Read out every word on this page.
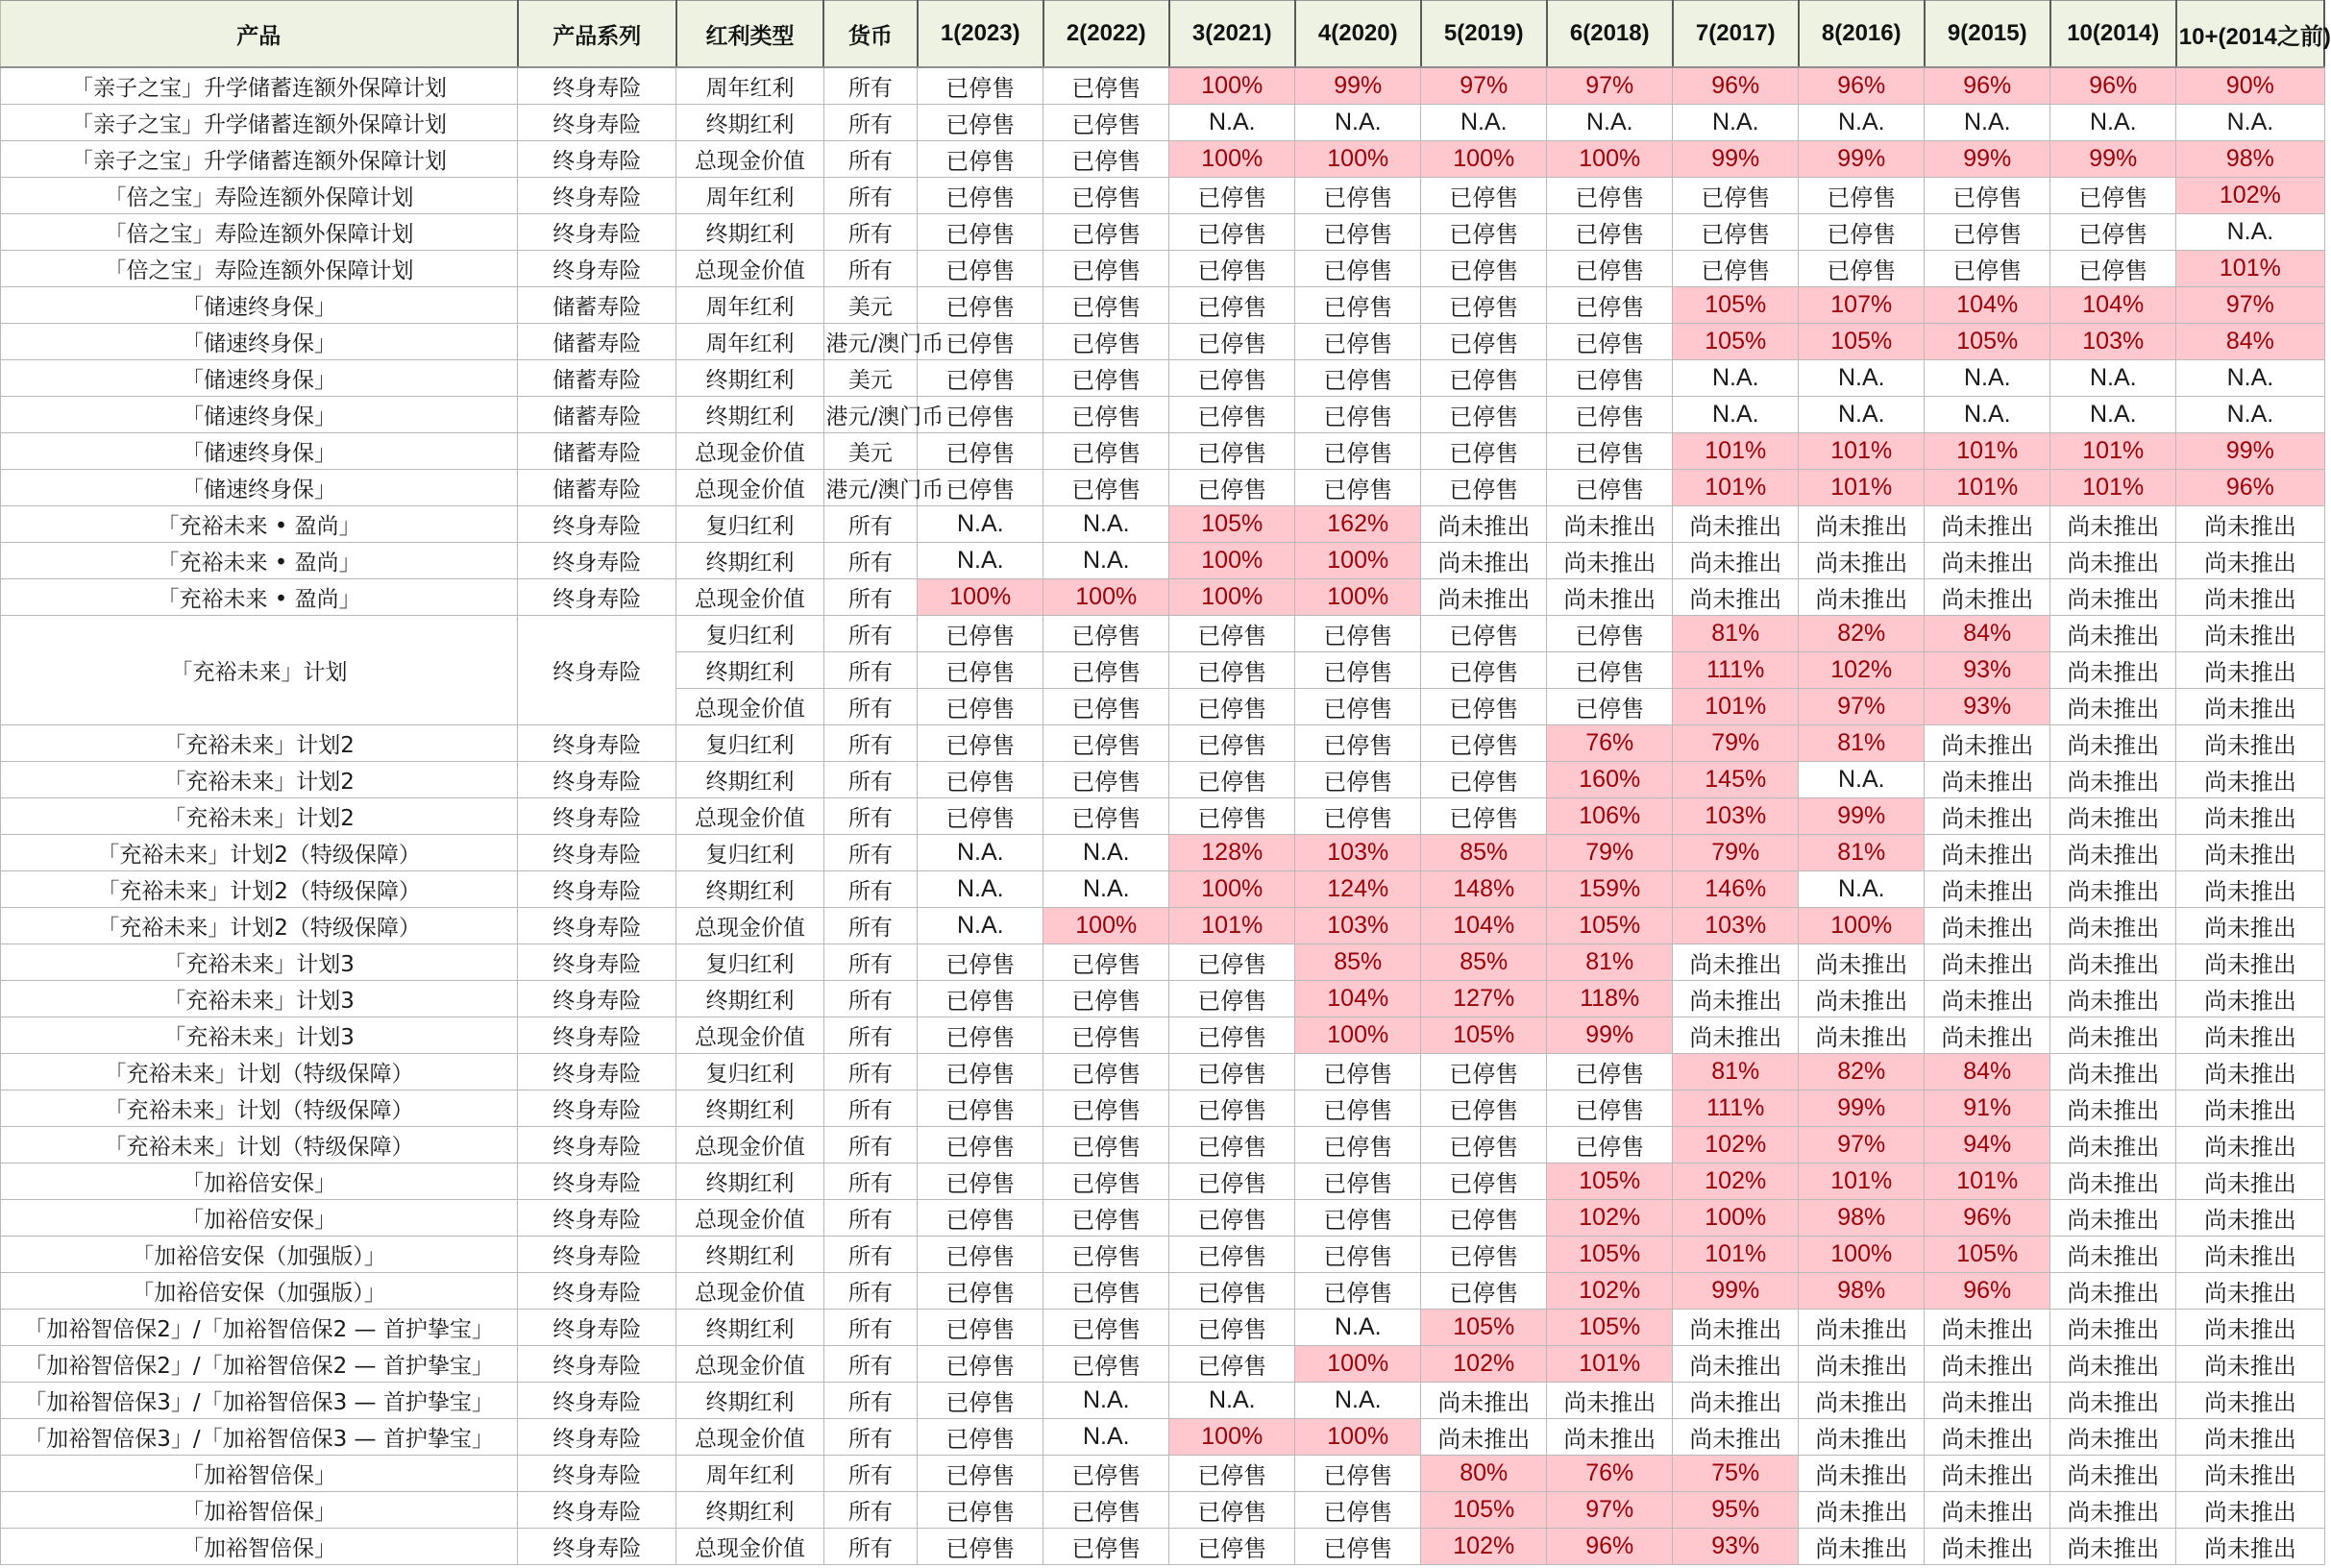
产品	产品系列	红利类型	货币	1(2023)	2(2022)	3(2021)	4(2020)	5(2019)	6(2018)	7(2017)	8(2016)	9(2015)	10(2014)	10+(2014之前)
「亲子之宝」升学储蓄连额外保障计划	终身寿险	周年红利	所有	已停售	已停售	100%	99%	97%	97%	96%	96%	96%	96%	90%
「亲子之宝」升学储蓄连额外保障计划	终身寿险	终期红利	所有	已停售	已停售	N.A.	N.A.	N.A.	N.A.	N.A.	N.A.	N.A.	N.A.	N.A.
「亲子之宝」升学储蓄连额外保障计划	终身寿险	总现金价值	所有	已停售	已停售	100%	100%	100%	100%	99%	99%	99%	99%	98%
「倍之宝」寿险连额外保障计划	终身寿险	周年红利	所有	已停售	已停售	已停售	已停售	已停售	已停售	已停售	已停售	已停售	已停售	102%
「倍之宝」寿险连额外保障计划	终身寿险	终期红利	所有	已停售	已停售	已停售	已停售	已停售	已停售	已停售	已停售	已停售	已停售	N.A.
「倍之宝」寿险连额外保障计划	终身寿险	总现金价值	所有	已停售	已停售	已停售	已停售	已停售	已停售	已停售	已停售	已停售	已停售	101%
「储速终身保」	储蓄寿险	周年红利	美元	已停售	已停售	已停售	已停售	已停售	已停售	105%	107%	104%	104%	97%
「储速终身保」	储蓄寿险	周年红利	港元/澳门币	已停售	已停售	已停售	已停售	已停售	已停售	105%	105%	105%	103%	84%
「储速终身保」	储蓄寿险	终期红利	美元	已停售	已停售	已停售	已停售	已停售	已停售	N.A.	N.A.	N.A.	N.A.	N.A.
「储速终身保」	储蓄寿险	终期红利	港元/澳门币	已停售	已停售	已停售	已停售	已停售	已停售	N.A.	N.A.	N.A.	N.A.	N.A.
「储速终身保」	储蓄寿险	总现金价值	美元	已停售	已停售	已停售	已停售	已停售	已停售	101%	101%	101%	101%	99%
「储速终身保」	储蓄寿险	总现金价值	港元/澳门币	已停售	已停售	已停售	已停售	已停售	已停售	101%	101%	101%	101%	96%
「充裕未来 • 盈尚」	终身寿险	复归红利	所有	N.A.	N.A.	105%	162%	尚未推出	尚未推出	尚未推出	尚未推出	尚未推出	尚未推出	尚未推出
「充裕未来 • 盈尚」	终身寿险	终期红利	所有	N.A.	N.A.	100%	100%	尚未推出	尚未推出	尚未推出	尚未推出	尚未推出	尚未推出	尚未推出
「充裕未来 • 盈尚」	终身寿险	总现金价值	所有	100%	100%	100%	100%	尚未推出	尚未推出	尚未推出	尚未推出	尚未推出	尚未推出	尚未推出
「充裕未来」计划	终身寿险	复归红利	所有	已停售	已停售	已停售	已停售	已停售	已停售	81%	82%	84%	尚未推出	尚未推出
		终期红利	所有	已停售	已停售	已停售	已停售	已停售	已停售	111%	102%	93%	尚未推出	尚未推出
		总现金价值	所有	已停售	已停售	已停售	已停售	已停售	已停售	101%	97%	93%	尚未推出	尚未推出
「充裕未来」计划2	终身寿险	复归红利	所有	已停售	已停售	已停售	已停售	已停售	76%	79%	81%	尚未推出	尚未推出	尚未推出
「充裕未来」计划2	终身寿险	终期红利	所有	已停售	已停售	已停售	已停售	已停售	160%	145%	N.A.	尚未推出	尚未推出	尚未推出
「充裕未来」计划2	终身寿险	总现金价值	所有	已停售	已停售	已停售	已停售	已停售	106%	103%	99%	尚未推出	尚未推出	尚未推出
「充裕未来」计划2（特级保障）	终身寿险	复归红利	所有	N.A.	N.A.	128%	103%	85%	79%	79%	81%	尚未推出	尚未推出	尚未推出
「充裕未来」计划2（特级保障）	终身寿险	终期红利	所有	N.A.	N.A.	100%	124%	148%	159%	146%	N.A.	尚未推出	尚未推出	尚未推出
「充裕未来」计划2（特级保障）	终身寿险	总现金价值	所有	N.A.	100%	101%	103%	104%	105%	103%	100%	尚未推出	尚未推出	尚未推出
「充裕未来」计划3	终身寿险	复归红利	所有	已停售	已停售	已停售	85%	85%	81%	尚未推出	尚未推出	尚未推出	尚未推出	尚未推出
「充裕未来」计划3	终身寿险	终期红利	所有	已停售	已停售	已停售	104%	127%	118%	尚未推出	尚未推出	尚未推出	尚未推出	尚未推出
「充裕未来」计划3	终身寿险	总现金价值	所有	已停售	已停售	已停售	100%	105%	99%	尚未推出	尚未推出	尚未推出	尚未推出	尚未推出
「充裕未来」计划（特级保障）	终身寿险	复归红利	所有	已停售	已停售	已停售	已停售	已停售	已停售	81%	82%	84%	尚未推出	尚未推出
「充裕未来」计划（特级保障）	终身寿险	终期红利	所有	已停售	已停售	已停售	已停售	已停售	已停售	111%	99%	91%	尚未推出	尚未推出
「充裕未来」计划（特级保障）	终身寿险	总现金价值	所有	已停售	已停售	已停售	已停售	已停售	已停售	102%	97%	94%	尚未推出	尚未推出
「加裕倍安保」	终身寿险	终期红利	所有	已停售	已停售	已停售	已停售	已停售	105%	102%	101%	101%	尚未推出	尚未推出
「加裕倍安保」	终身寿险	总现金价值	所有	已停售	已停售	已停售	已停售	已停售	102%	100%	98%	96%	尚未推出	尚未推出
「加裕倍安保（加强版）」	终身寿险	终期红利	所有	已停售	已停售	已停售	已停售	已停售	105%	101%	100%	105%	尚未推出	尚未推出
「加裕倍安保（加强版）」	终身寿险	总现金价值	所有	已停售	已停售	已停售	已停售	已停售	102%	99%	98%	96%	尚未推出	尚未推出
「加裕智倍保2」/「加裕智倍保2 — 首护挚宝」	终身寿险	终期红利	所有	已停售	已停售	已停售	N.A.	105%	105%	尚未推出	尚未推出	尚未推出	尚未推出	尚未推出
「加裕智倍保2」/「加裕智倍保2 — 首护挚宝」	终身寿险	总现金价值	所有	已停售	已停售	已停售	100%	102%	101%	尚未推出	尚未推出	尚未推出	尚未推出	尚未推出
「加裕智倍保3」/「加裕智倍保3 — 首护挚宝」	终身寿险	终期红利	所有	已停售	N.A.	N.A.	N.A.	尚未推出	尚未推出	尚未推出	尚未推出	尚未推出	尚未推出	尚未推出
「加裕智倍保3」/「加裕智倍保3 — 首护挚宝」	终身寿险	总现金价值	所有	已停售	N.A.	100%	100%	尚未推出	尚未推出	尚未推出	尚未推出	尚未推出	尚未推出	尚未推出
「加裕智倍保」	终身寿险	周年红利	所有	已停售	已停售	已停售	已停售	80%	76%	75%	尚未推出	尚未推出	尚未推出	尚未推出
「加裕智倍保」	终身寿险	终期红利	所有	已停售	已停售	已停售	已停售	105%	97%	95%	尚未推出	尚未推出	尚未推出	尚未推出
「加裕智倍保」	终身寿险	总现金价值	所有	已停售	已停售	已停售	已停售	102%	96%	93%	尚未推出	尚未推出	尚未推出	尚未推出
